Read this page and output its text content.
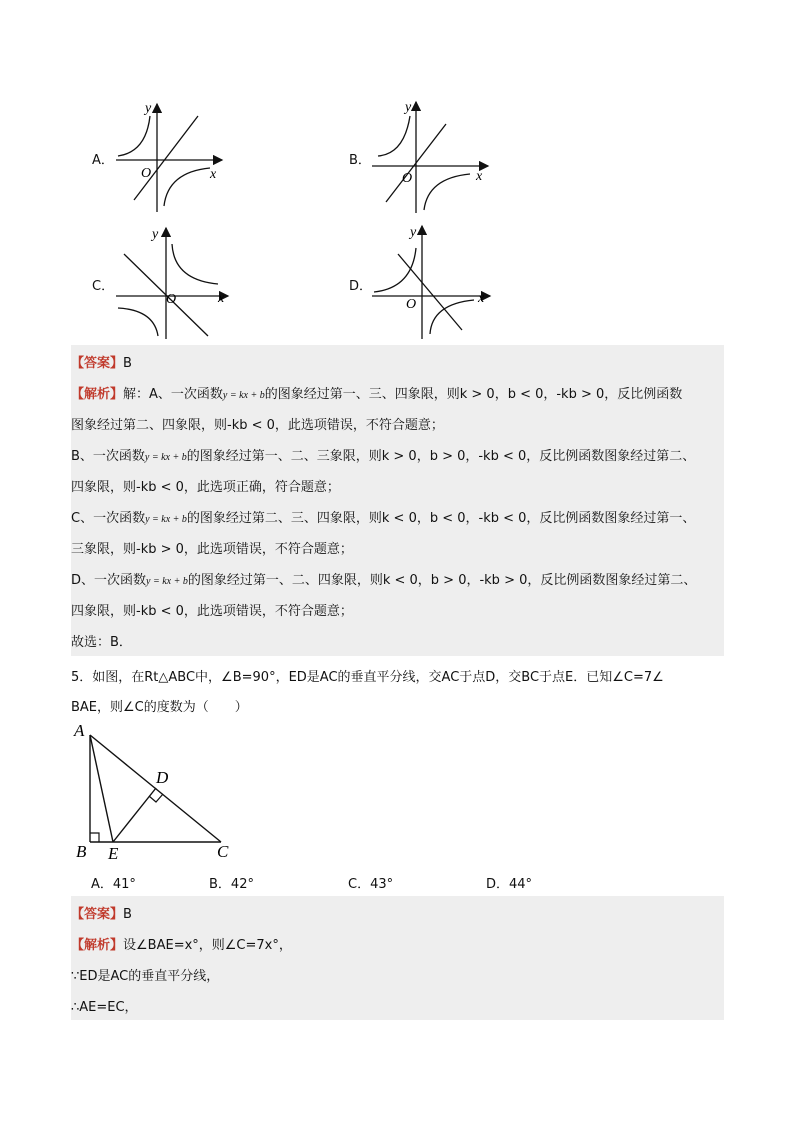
A．
y
x
O
B．
y
x
O
C．
y
x
O
D．
y
x
O
【答案】B
【解析】解：A、一次函数y = kx + b的图象经过第一、三、四象限，则k > 0，b < 0，-kb > 0，反比例函数
图象经过第二、四象限，则-kb < 0，此选项错误，不符合题意；
B、一次函数y = kx + b的图象经过第一、二、三象限，则k > 0，b > 0，-kb < 0，反比例函数图象经过第二、
四象限，则-kb < 0，此选项正确，符合题意；
C、一次函数y = kx + b的图象经过第二、三、四象限，则k < 0，b < 0，-kb < 0，反比例函数图象经过第一、
三象限，则-kb > 0，此选项错误，不符合题意；
D、一次函数y = kx + b的图象经过第一、二、四象限，则k < 0，b > 0，-kb > 0，反比例函数图象经过第二、
四象限，则-kb < 0，此选项错误，不符合题意；
故选：B．
5．如图，在Rt△ABC中，∠B=90°，ED是AC的垂直平分线，交AC于点D，交BC于点E．已知∠C=7∠
BAE，则∠C的度数为（　　）
A
B E	C
D
A．41°	B．42°	C．43°	D．44°
【答案】B
【解析】设∠BAE=x°，则∠C=7x°，
∵ED是AC的垂直平分线，
∴AE=EC，
